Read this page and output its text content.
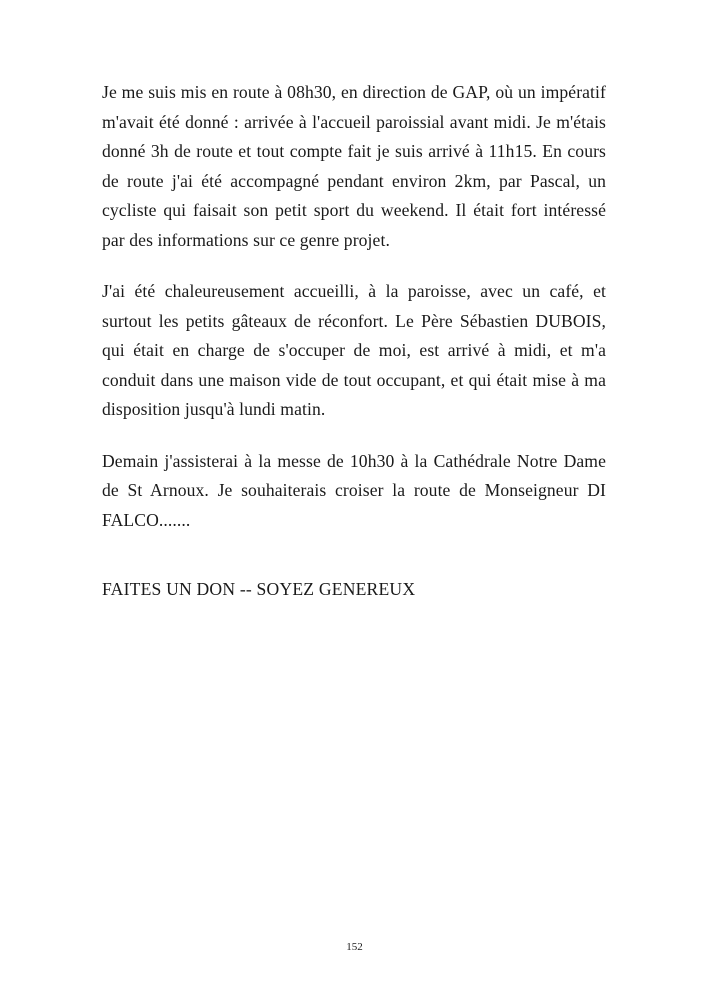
Je me suis mis en route à 08h30, en direction de GAP, où un impératif m'avait été donné : arrivée à l'accueil paroissial avant midi. Je m'étais donné 3h de route et tout compte fait je suis arrivé à 11h15. En cours de route j'ai été accompagné pendant environ 2km, par Pascal, un cycliste qui faisait son petit sport du weekend. Il était fort intéressé par des informations sur ce genre projet.

J'ai été chaleureusement accueilli, à la paroisse, avec un café, et surtout les petits gâteaux de réconfort. Le Père Sébastien DUBOIS, qui était en charge de s'occuper de moi, est arrivé à midi, et m'a conduit dans une maison vide de tout occupant, et qui était mise à ma disposition jusqu'à lundi matin.

Demain j'assisterai à la messe de 10h30 à la Cathédrale Notre Dame de St Arnoux. Je souhaiterais croiser la route de Monseigneur DI FALCO.......

FAITES UN DON -- SOYEZ GENEREUX
152
